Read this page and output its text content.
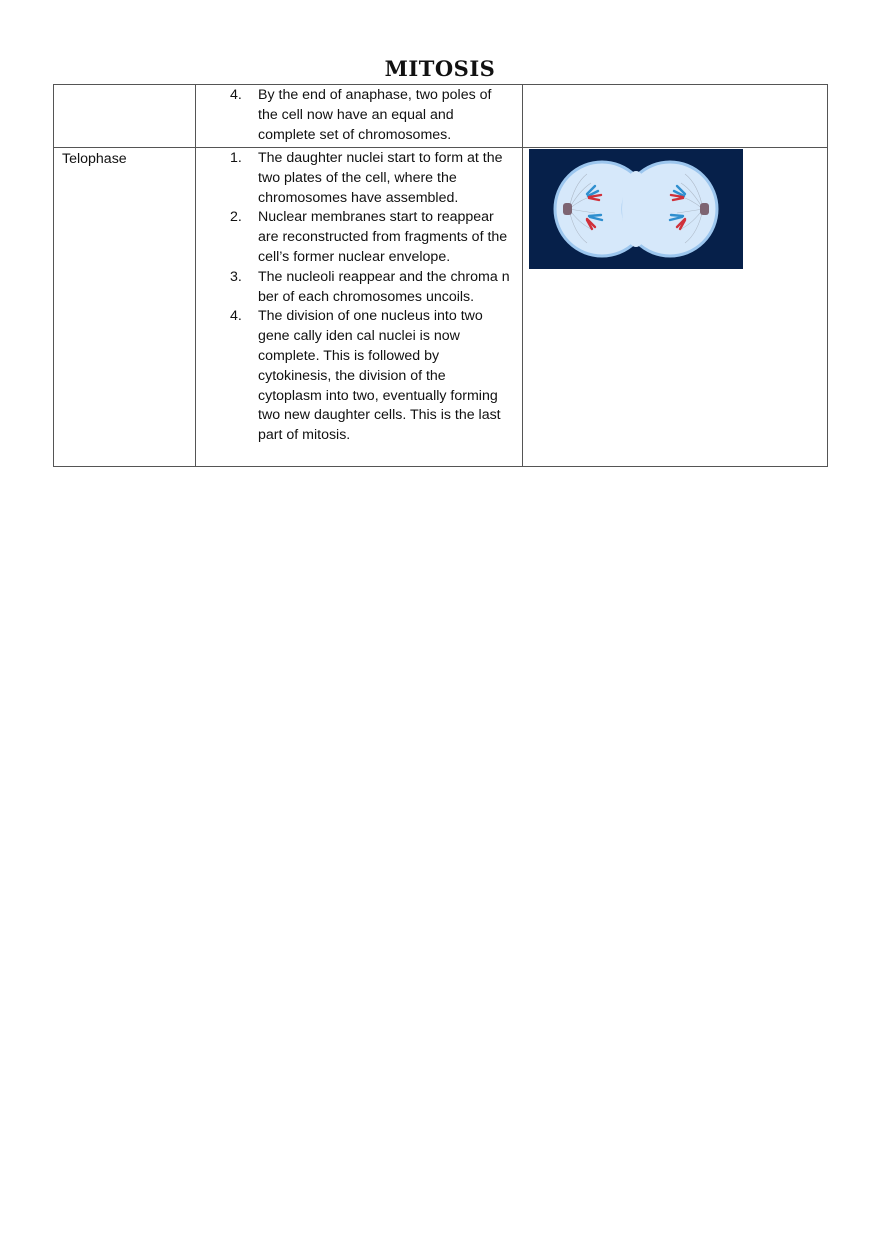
MITOSIS

4. By the end of anaphase, two poles of the cell now have an equal and complete set of chromosomes.

Telophase	1. The daughter nuclei start to form at the two plates of the cell, where the chromosomes have assembled.
2. Nuclear membranes start to reappear are reconstructed from fragments of the cell’s former nuclear envelope.
3. The nucleoli reappear and the chroma n ber of each chromosomes uncoils.
4. The division of one nucleus into two gene cally iden cal nuclei is now complete. This is followed by cytokinesis, the division of the cytoplasm into two, eventually forming two new daughter cells. This is the last part of mitosis.
